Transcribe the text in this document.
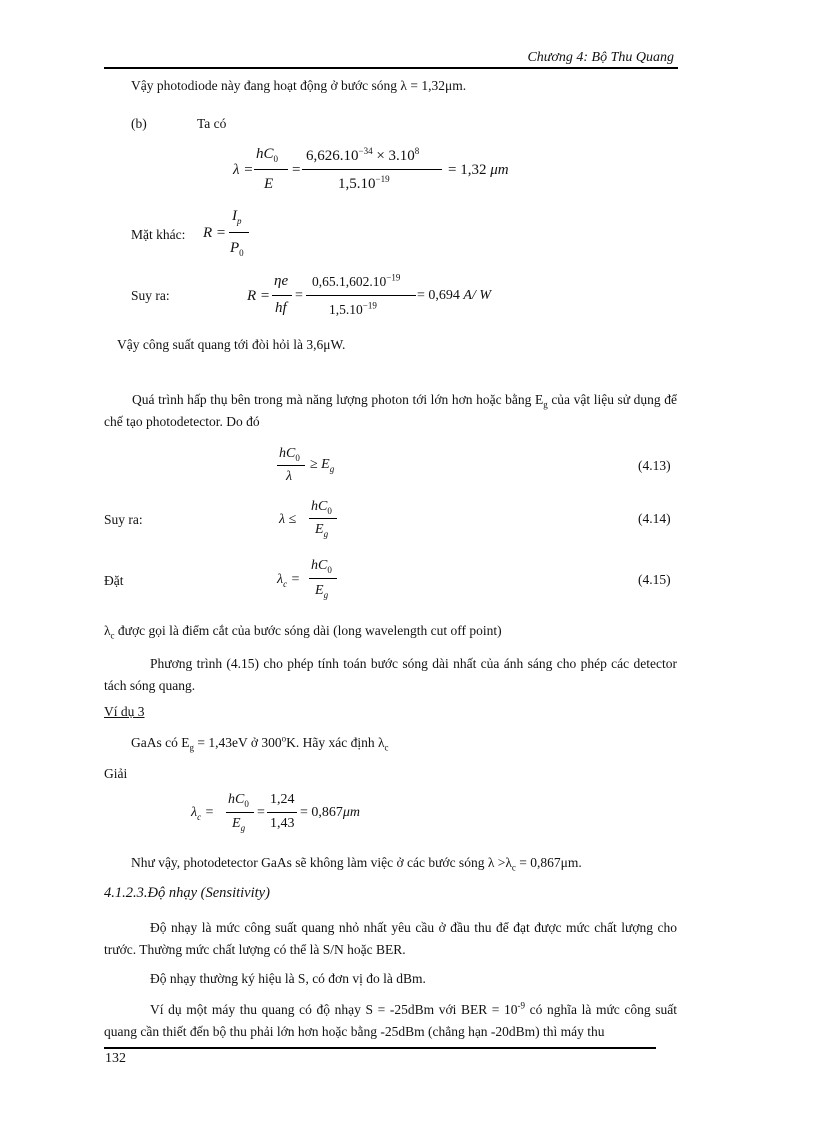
Chương 4: Bộ Thu Quang
Vậy photodiode này đang hoạt động ở bước sóng λ = 1,32μm.
(b)	Ta có
λ =
$hC_0$
E
=
$6,626.10^{-34} \times 3.10^8$
$1,5.10^{-19}$
= 1,32 μm
Mặt khác: R =
$I_p$
$P_0$
Suy ra:	R =
ηe
hf
=
$0,65.1,602.10^{-19}$
$1,5.10^{-19}$
= 0,694 A/ W
Vậy công suất quang tới đòi hỏi là 3,6μW.
Quá trình hấp thụ bên trong mà năng lượng photon tới lớn hơn hoặc bằng $E_g$ của vật liệu sử dụng để chế tạo photodetector. Do đó
$hC_0$
λ
≥ $E_g$	(4.13)
Suy ra:	λ ≤
$hC_0$
$E_g$
(4.14)
Đặt	$\lambda_c$ =
$hC_0$
$E_g$
(4.15)
$\lambda_c$ được gọi là điểm cắt của bước sóng dài (long wavelength cut off point)
Phương trình (4.15) cho phép tính toán bước sóng dài nhất của ánh sáng cho phép các detector tách sóng quang.
Ví dụ 3
GaAs có $E_g = 1,43eV$ ở 300$^o$K. Hãy xác định $\lambda_c$
Giải
$\lambda_c$ =
$hC_0$
$E_g$
=
1,24
1,43
= 0,867μm
Như vậy, photodetector GaAs sẽ không làm việc ở các bước sóng $\lambda >\lambda_c = 0,867\mu m$.
4.1.2.3.Độ nhạy (Sensitivity)
Độ nhạy là mức công suất quang nhỏ nhất yêu cầu ở đầu thu để đạt được mức chất lượng cho trước. Thường mức chất lượng có thể là S/N hoặc BER.
Độ nhạy thường ký hiệu là S, có đơn vị đo là dBm.
Ví dụ một máy thu quang có độ nhạy S = -25dBm với BER = $10^{-9}$ có nghĩa là mức công suất quang cần thiết đến bộ thu phải lớn hơn hoặc bằng -25dBm (chẳng hạn -20dBm) thì máy thu
132
